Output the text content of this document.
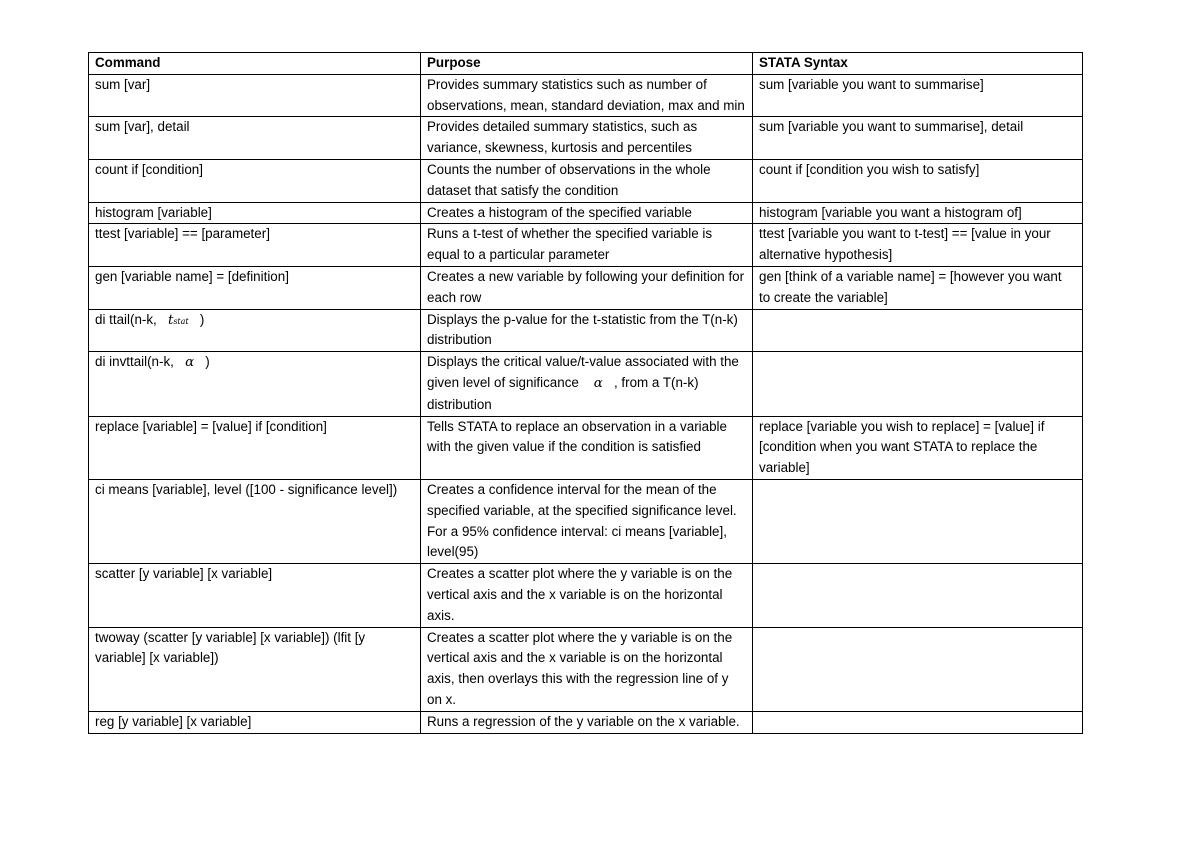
Command	Purpose	STATA Syntax
sum [var]	Provides summary statistics such as number of observations, mean, standard deviation, max and min	sum [variable you want to summarise]
sum [var], detail	Provides detailed summary statistics, such as variance, skewness, kurtosis and percentiles	sum [variable you want to summarise], detail
count if [condition]	Counts the number of observations in the whole dataset that satisfy the condition	count if [condition you wish to satisfy]
histogram [variable]	Creates a histogram of the specified variable	histogram [variable you want a histogram of]
ttest [variable] == [parameter]	Runs a t-test of whether the specified variable is equal to a particular parameter	ttest [variable you want to t-test] == [value in your alternative hypothesis]
gen [variable name] = [definition]	Creates a new variable by following your definition for each row	gen [think of a variable name] = [however you want to create the variable]
di ttail(n-k, tstat )	Displays the p-value for the t-statistic from the T(n-k) distribution	
di invttail(n-k, α )	Displays the critical value/t-value associated with the given level of significance α , from a T(n-k) distribution	
replace [variable] = [value] if [condition]	Tells STATA to replace an observation in a variable with the given value if the condition is satisfied	replace [variable you wish to replace] = [value] if [condition when you want STATA to replace the variable]
ci means [variable], level ([100 - significance level])	Creates a confidence interval for the mean of the specified variable, at the specified significance level. For a 95% confidence interval: ci means [variable], level(95)	
scatter [y variable] [x variable]	Creates a scatter plot where the y variable is on the vertical axis and the x variable is on the horizontal axis.	
twoway (scatter [y variable] [x variable]) (lfit [y variable] [x variable])	Creates a scatter plot where the y variable is on the vertical axis and the x variable is on the horizontal axis, then overlays this with the regression line of y on x.	
reg [y variable] [x variable]	Runs a regression of the y variable on the x variable.	
